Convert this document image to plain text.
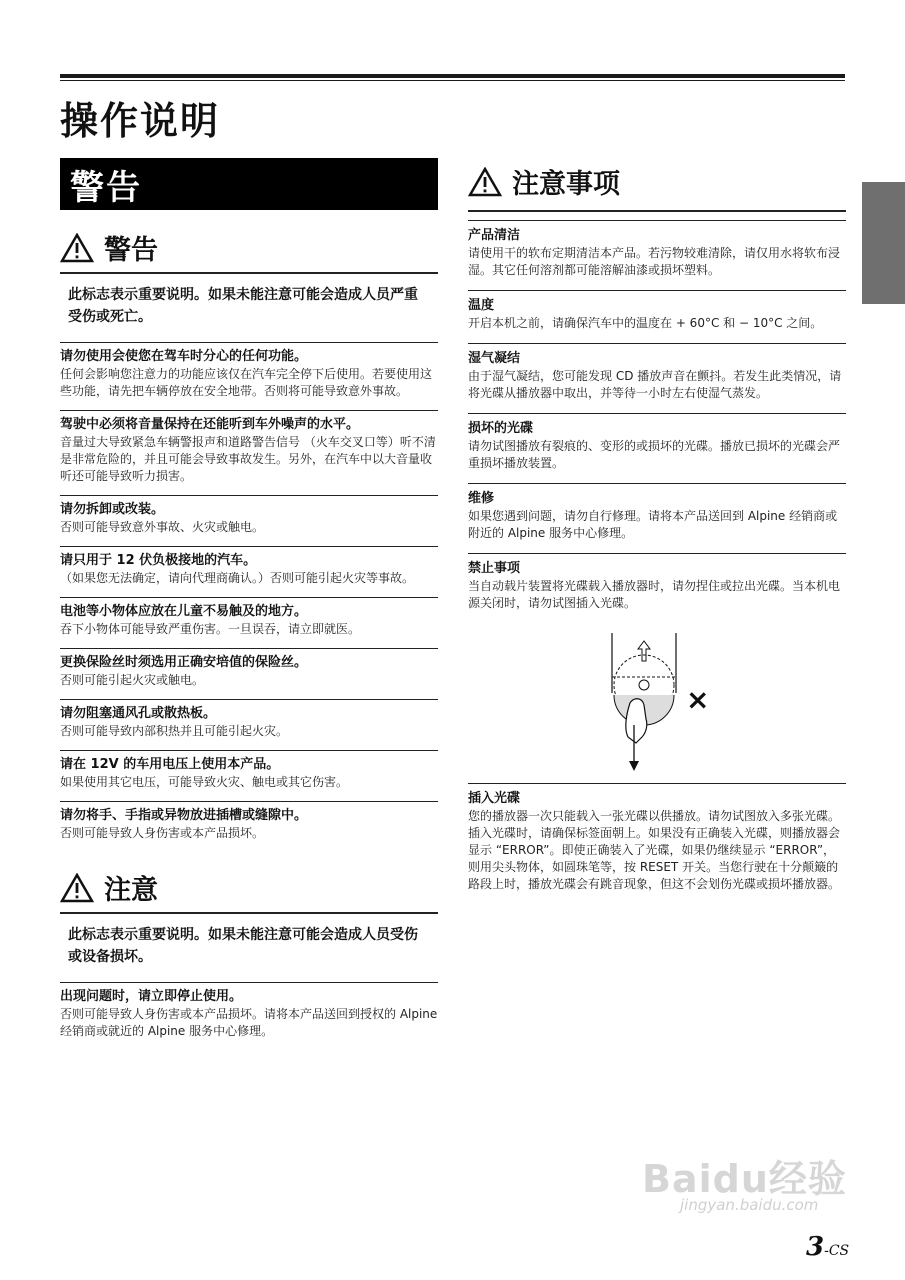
操作说明
警告
警告
此标志表示重要说明。如果未能注意可能会造成人员严重受伤或死亡。
请勿使用会使您在驾车时分心的任何功能。
任何会影响您注意力的功能应该仅在汽车完全停下后使用。若要使用这些功能，请先把车辆停放在安全地带。否则将可能导致意外事故。
驾驶中必须将音量保持在还能听到车外噪声的水平。
音量过大导致紧急车辆警报声和道路警告信号 （火车交叉口等）听不清是非常危险的，并且可能会导致事故发生。另外，在汽车中以大音量收听还可能导致听力损害。
请勿拆卸或改装。
否则可能导致意外事故、火灾或触电。
请只用于 12 伏负极接地的汽车。
（如果您无法确定，请向代理商确认。）否则可能引起火灾等事故。
电池等小物体应放在儿童不易触及的地方。
吞下小物体可能导致严重伤害。一旦误吞，请立即就医。
更换保险丝时须选用正确安培值的保险丝。
否则可能引起火灾或触电。
请勿阻塞通风孔或散热板。
否则可能导致内部积热并且可能引起火灾。
请在 12V 的车用电压上使用本产品。
如果使用其它电压，可能导致火灾、触电或其它伤害。
请勿将手、手指或异物放进插槽或缝隙中。
否则可能导致人身伤害或本产品损坏。
注意
此标志表示重要说明。如果未能注意可能会造成人员受伤或设备损坏。
出现问题时，请立即停止使用。
否则可能导致人身伤害或本产品损坏。请将本产品送回到授权的 Alpine 经销商或就近的 Alpine 服务中心修理。
注意事项
产品清洁
请使用干的软布定期清洁本产品。若污物较难清除，请仅用水将软布浸湿。其它任何溶剂都可能溶解油漆或损坏塑料。
温度
开启本机之前，请确保汽车中的温度在 + 60°C 和 − 10°C 之间。
湿气凝结
由于湿气凝结，您可能发现 CD 播放声音在颤抖。若发生此类情况，请将光碟从播放器中取出，并等待一小时左右使湿气蒸发。
损坏的光碟
请勿试图播放有裂痕的、变形的或损坏的光碟。播放已损坏的光碟会严重损坏播放装置。
维修
如果您遇到问题，请勿自行修理。请将本产品送回到 Alpine 经销商或附近的 Alpine 服务中心修理。
禁止事项
当自动载片装置将光碟载入播放器时，请勿捏住或拉出光碟。当本机电源关闭时，请勿试图插入光碟。
×
插入光碟
您的播放器一次只能载入一张光碟以供播放。请勿试图放入多张光碟。插入光碟时，请确保标签面朝上。如果没有正确装入光碟，则播放器会显示 “ERROR”。即使正确装入了光碟，如果仍继续显示 “ERROR”，则用尖头物体，如圆珠笔等，按 RESET 开关。当您行驶在十分颠簸的路段上时，播放光碟会有跳音现象，但这不会划伤光碟或损坏播放器。
Baidu经验
jingyan.baidu.com
3-CS
